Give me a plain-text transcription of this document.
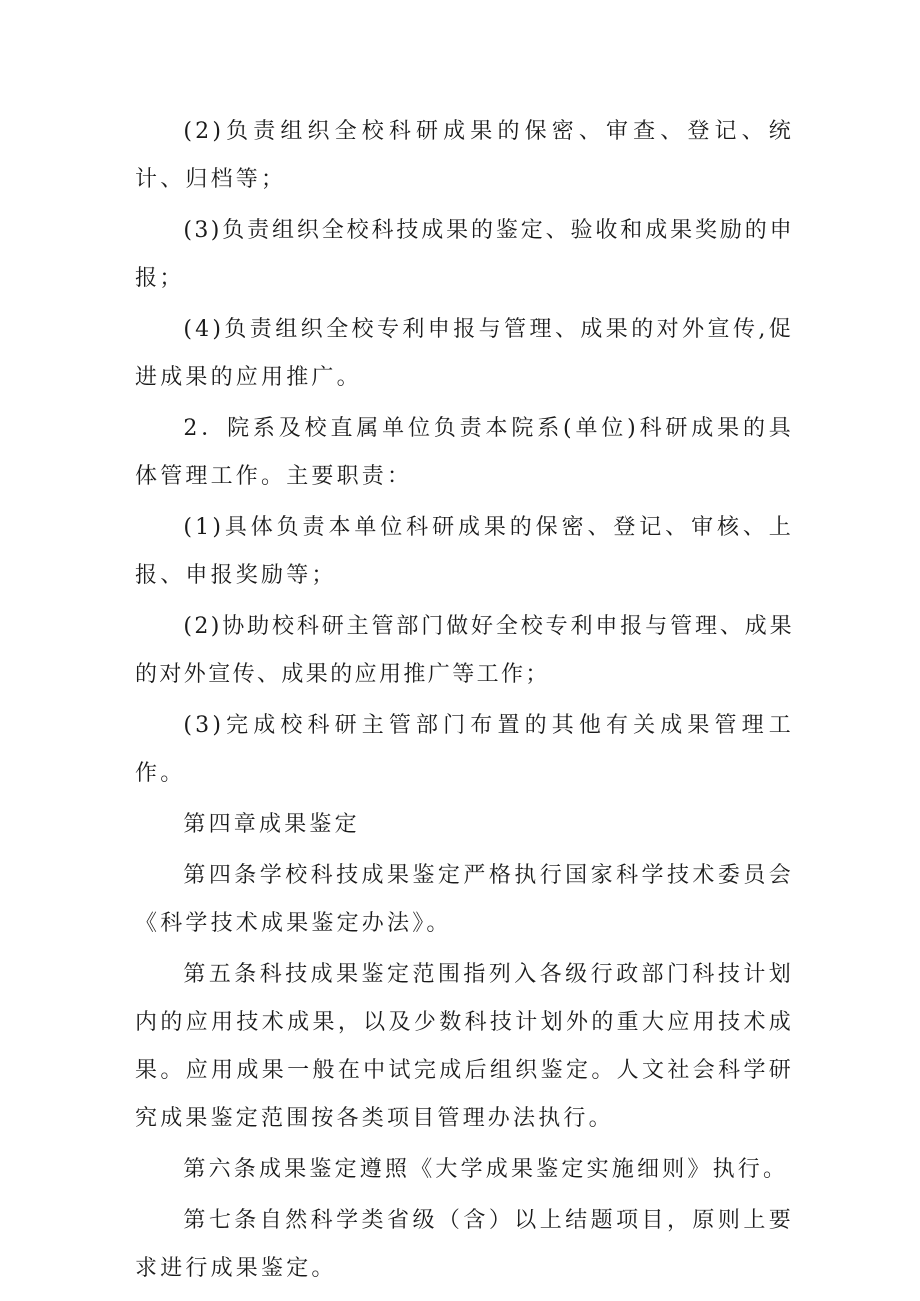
(2)负责组织全校科研成果的保密、审查、登记、统计、归档等；

(3)负责组织全校科技成果的鉴定、验收和成果奖励的申报；

(4)负责组织全校专利申报与管理、成果的对外宣传,促进成果的应用推广。

2．院系及校直属单位负责本院系(单位)科研成果的具体管理工作。主要职责：

(1)具体负责本单位科研成果的保密、登记、审核、上报、申报奖励等；

(2)协助校科研主管部门做好全校专利申报与管理、成果的对外宣传、成果的应用推广等工作；

(3)完成校科研主管部门布置的其他有关成果管理工作。

第四章成果鉴定

第四条学校科技成果鉴定严格执行国家科学技术委员会《科学技术成果鉴定办法》。

第五条科技成果鉴定范围指列入各级行政部门科技计划内的应用技术成果，以及少数科技计划外的重大应用技术成果。应用成果一般在中试完成后组织鉴定。人文社会科学研究成果鉴定范围按各类项目管理办法执行。

第六条成果鉴定遵照《大学成果鉴定实施细则》执行。

第七条自然科学类省级（含）以上结题项目，原则上要求进行成果鉴定。
